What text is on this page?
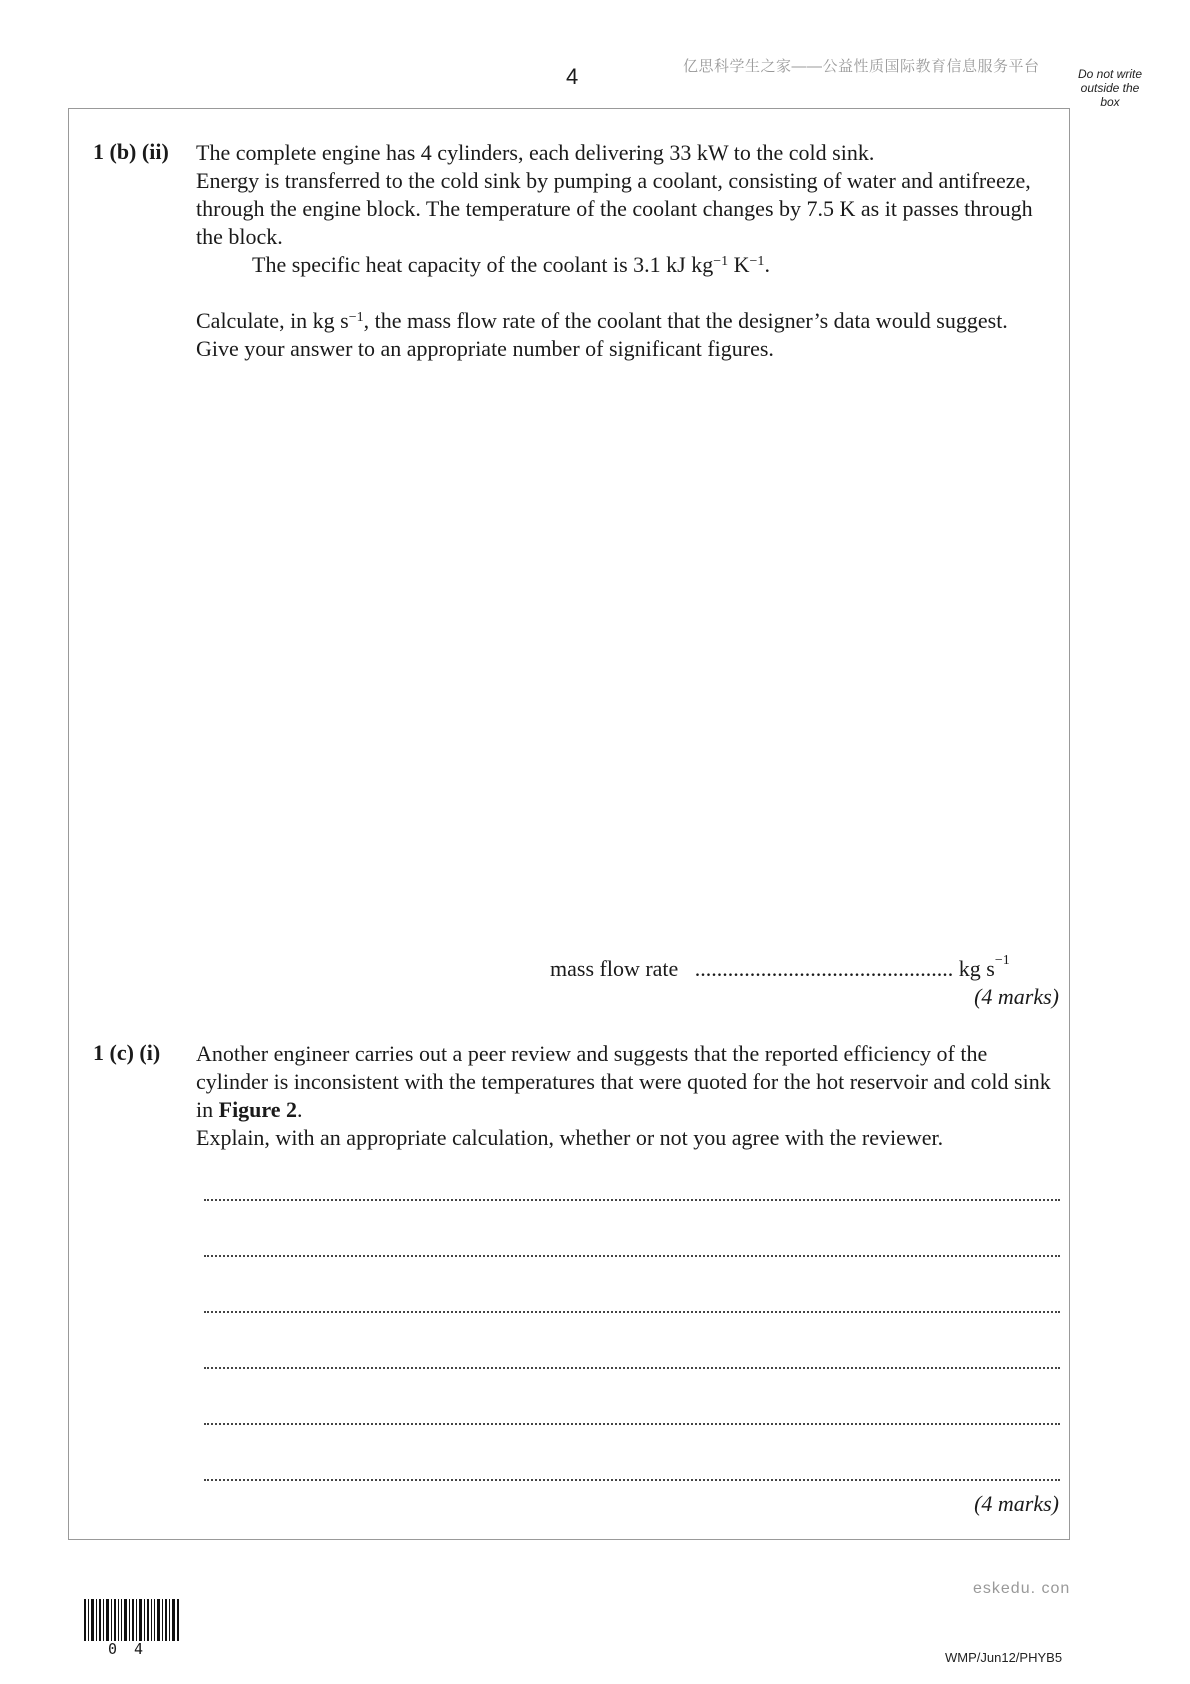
4	亿思科学生之家——公益性质国际教育信息服务平台	Do not write
outside the
box
1 (b) (ii) The complete engine has 4 cylinders, each delivering 33 kW to the cold sink.

Energy is transferred to the cold sink by pumping a coolant, consisting of water and antifreeze, through the engine block. The temperature of the coolant changes by 7.5 K as it passes through the block.

The specific heat capacity of the coolant is 3.1 kJ $kg^{-1}$ $K^{-1}$.

Calculate, in kg $s^{-1}$, the mass flow rate of the coolant that the designer’s data would suggest.

Give your answer to an appropriate number of significant figures.

mass flow rate ............................................... kg $s^{-1}$
(4 marks)
1 (c) (i) Another engineer carries out a peer review and suggests that the reported efficiency of the cylinder is inconsistent with the temperatures that were quoted for the hot reservoir and cold sink in Figure 2.

Explain, with an appropriate calculation, whether or not you agree with the reviewer.

(4 marks)
0 4
eskedu. con
WMP/Jun12/PHYB5
